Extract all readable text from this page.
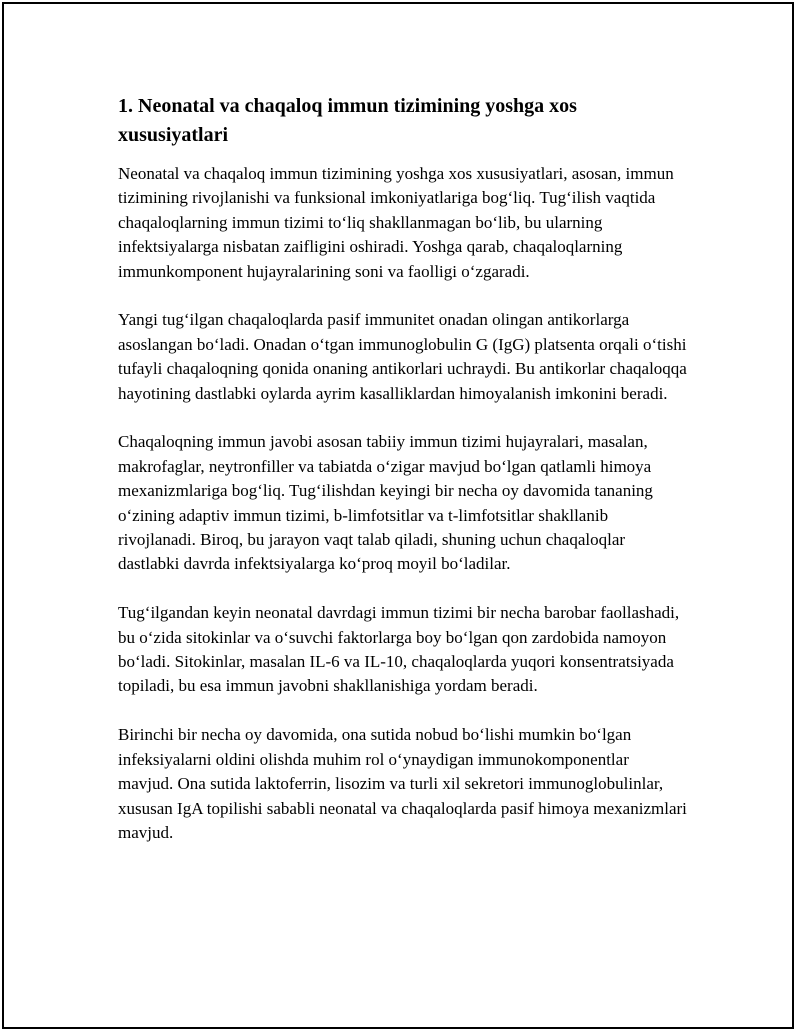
1. Neonatal va chaqaloq immun tizimining yoshga xos xususiyatlari

Neonatal va chaqaloq immun tizimining yoshga xos xususiyatlari, asosan, immun tizimining rivojlanishi va funksional imkoniyatlariga bog‘liq. Tug‘ilish vaqtida chaqaloqlarning immun tizimi to‘liq shakllanmagan bo‘lib, bu ularning infektsiyalarga nisbatan zaifligini oshiradi. Yoshga qarab, chaqaloqlarning immunkomponent hujayralarining soni va faolligi o‘zgaradi.

Yangi tug‘ilgan chaqaloqlarda pasif immunitet onadan olingan antikorlarga asoslangan bo‘ladi. Onadan o‘tgan immunoglobulin G (IgG) platsenta orqali o‘tishi tufayli chaqaloqning qonida onaning antikorlari uchraydi. Bu antikorlar chaqaloqqa hayotining dastlabki oylarda ayrim kasalliklardan himoyalanish imkonini beradi.

Chaqaloqning immun javobi asosan tabiiy immun tizimi hujayralari, masalan, makrofaglar, neytronfiller va tabiatda o‘zigar mavjud bo‘lgan qatlamli himoya mexanizmlariga bog‘liq. Tug‘ilishdan keyingi bir necha oy davomida tananing o‘zining adaptiv immun tizimi, b-limfotsitlar va t-limfotsitlar shakllanib rivojlanadi. Biroq, bu jarayon vaqt talab qiladi, shuning uchun chaqaloqlar dastlabki davrda infektsiyalarga ko‘proq moyil bo‘ladilar.

Tug‘ilgandan keyin neonatal davrdagi immun tizimi bir necha barobar faollashadi, bu o‘zida sitokinlar va o‘suvchi faktorlarga boy bo‘lgan qon zardobida namoyon bo‘ladi. Sitokinlar, masalan IL-6 va IL-10, chaqaloqlarda yuqori konsentratsiyada topiladi, bu esa immun javobni shakllanishiga yordam beradi.

Birinchi bir necha oy davomida, ona sutida nobud bo‘lishi mumkin bo‘lgan infeksiyalarni oldini olishda muhim rol o‘ynaydigan immunokomponentlar mavjud. Ona sutida laktoferrin, lisozim va turli xil sekretori immunoglobulinlar, xususan IgA topilishi sababli neonatal va chaqaloqlarda pasif himoya mexanizmlari mavjud.
